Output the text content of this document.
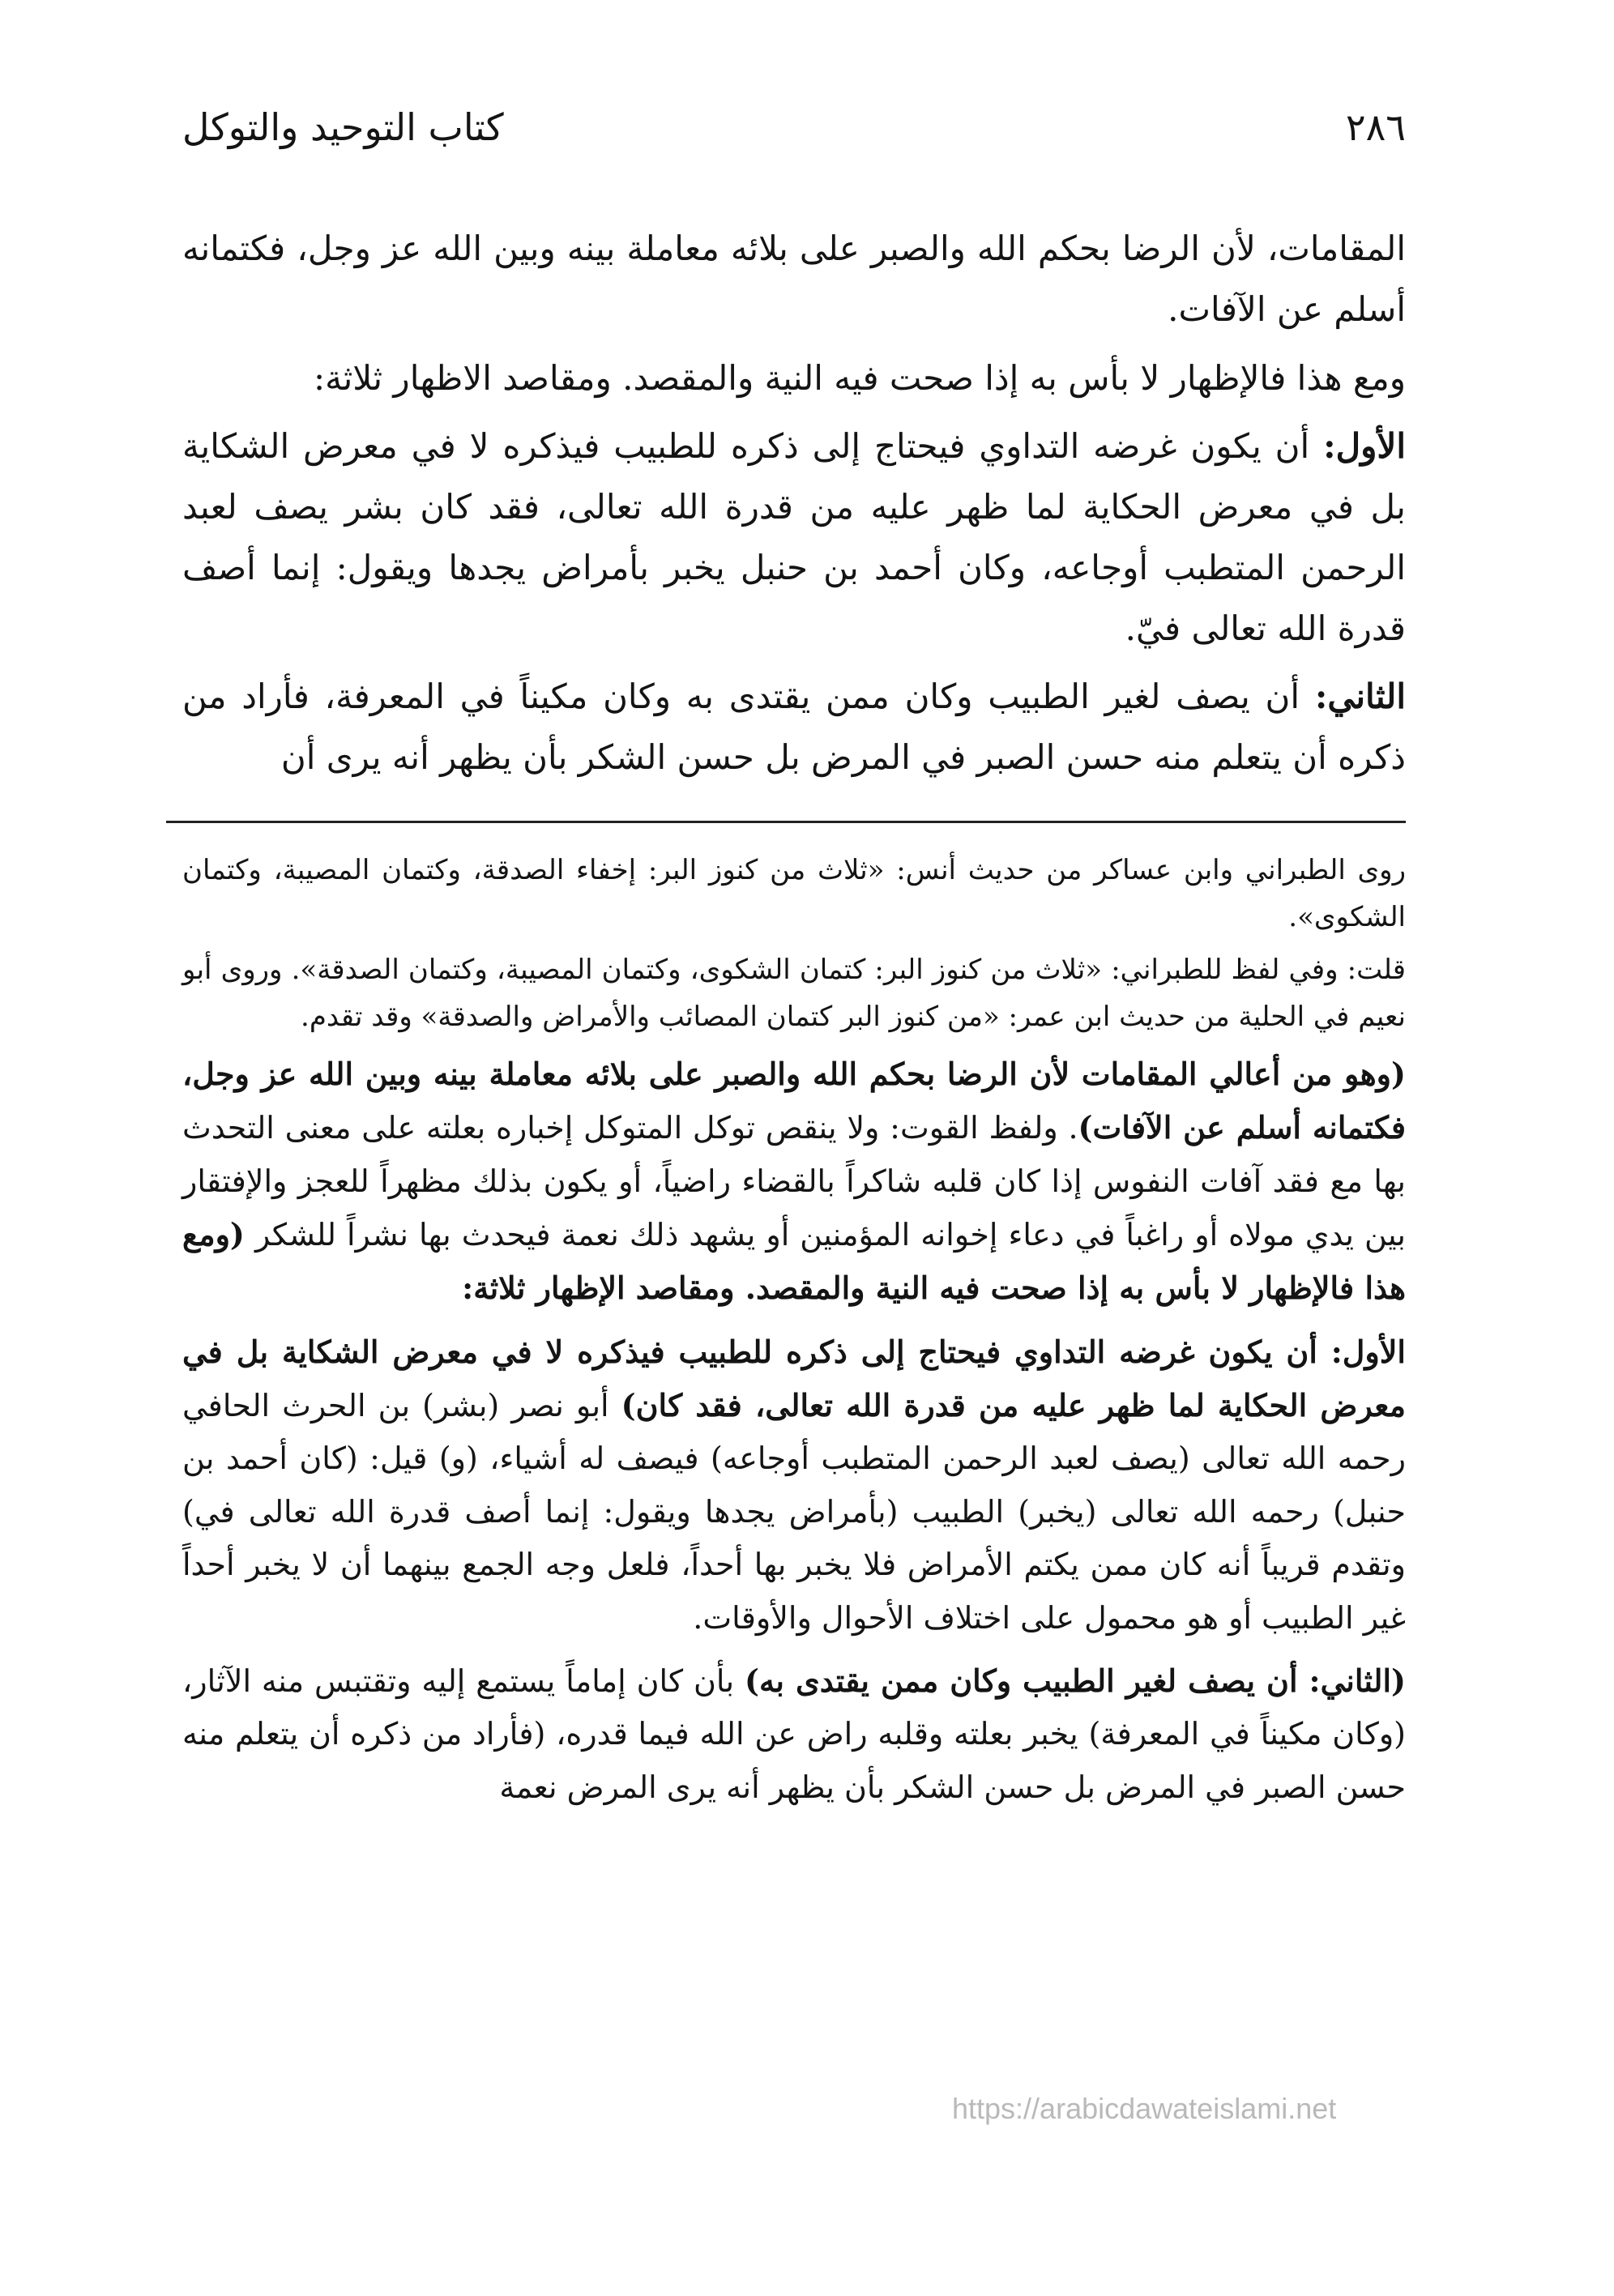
٢٨٦
كتاب التوحيد والتوكل

المقامات، لأن الرضا بحكم الله والصبر على بلائه معاملة بينه وبين الله عز وجل، فكتمانه أسلم عن الآفات.

ومع هذا فالإظهار لا بأس به إذا صحت فيه النية والمقصد. ومقاصد الاظهار ثلاثة:

الأول: أن يكون غرضه التداوي فيحتاج إلى ذكره للطبيب فيذكره لا في معرض الشكاية بل في معرض الحكاية لما ظهر عليه من قدرة الله تعالى، فقد كان بشر يصف لعبد الرحمن المتطبب أوجاعه، وكان أحمد بن حنبل يخبر بأمراض يجدها ويقول: إنما أصف قدرة الله تعالى فيّ.

الثاني: أن يصف لغير الطبيب وكان ممن يقتدى به وكان مكيناً في المعرفة، فأراد من ذكره أن يتعلم منه حسن الصبر في المرض بل حسن الشكر بأن يظهر أنه يرى أن

روى الطبراني وابن عساكر من حديث أنس: «ثلاث من كنوز البر: إخفاء الصدقة، وكتمان المصيبة، وكتمان الشكوى».

قلت: وفي لفظ للطبراني: «ثلاث من كنوز البر: كتمان الشكوى، وكتمان المصيبة، وكتمان الصدقة». وروى أبو نعيم في الحلية من حديث ابن عمر: «من كنوز البر كتمان المصائب والأمراض والصدقة» وقد تقدم.

(وهو من أعالي المقامات لأن الرضا بحكم الله والصبر على بلائه معاملة بينه وبين الله عز وجل، فكتمانه أسلم عن الآفات). ولفظ القوت: ولا ينقص توكل المتوكل إخباره بعلته على معنى التحدث بها مع فقد آفات النفوس إذا كان قلبه شاكراً بالقضاء راضياً، أو يكون بذلك مظهراً للعجز والإفتقار بين يدي مولاه أو راغباً في دعاء إخوانه المؤمنين أو يشهد ذلك نعمة فيحدث بها نشراً للشكر (ومع هذا فالإظهار لا بأس به إذا صحت فيه النية والمقصد. ومقاصد الإظهار ثلاثة:

الأول: أن يكون غرضه التداوي فيحتاج إلى ذكره للطبيب فيذكره لا في معرض الشكاية بل في معرض الحكاية لما ظهر عليه من قدرة الله تعالى، فقد كان) أبو نصر (بشر) بن الحرث الحافي رحمه الله تعالى (يصف لعبد الرحمن المتطبب أوجاعه) فيصف له أشياء، (و) قيل: (كان أحمد بن حنبل) رحمه الله تعالى (يخبر) الطبيب (بأمراض يجدها ويقول: إنما أصف قدرة الله تعالى في) وتقدم قريباً أنه كان ممن يكتم الأمراض فلا يخبر بها أحداً، فلعل وجه الجمع بينهما أن لا يخبر أحداً غير الطبيب أو هو محمول على اختلاف الأحوال والأوقات.

(الثاني: أن يصف لغير الطبيب وكان ممن يقتدى به) بأن كان إماماً يستمع إليه وتقتبس منه الآثار، (وكان مكيناً في المعرفة) يخبر بعلته وقلبه راض عن الله فيما قدره، (فأراد من ذكره أن يتعلم منه حسن الصبر في المرض بل حسن الشكر بأن يظهر أنه يرى المرض نعمة

https://arabicdawateislami.net
